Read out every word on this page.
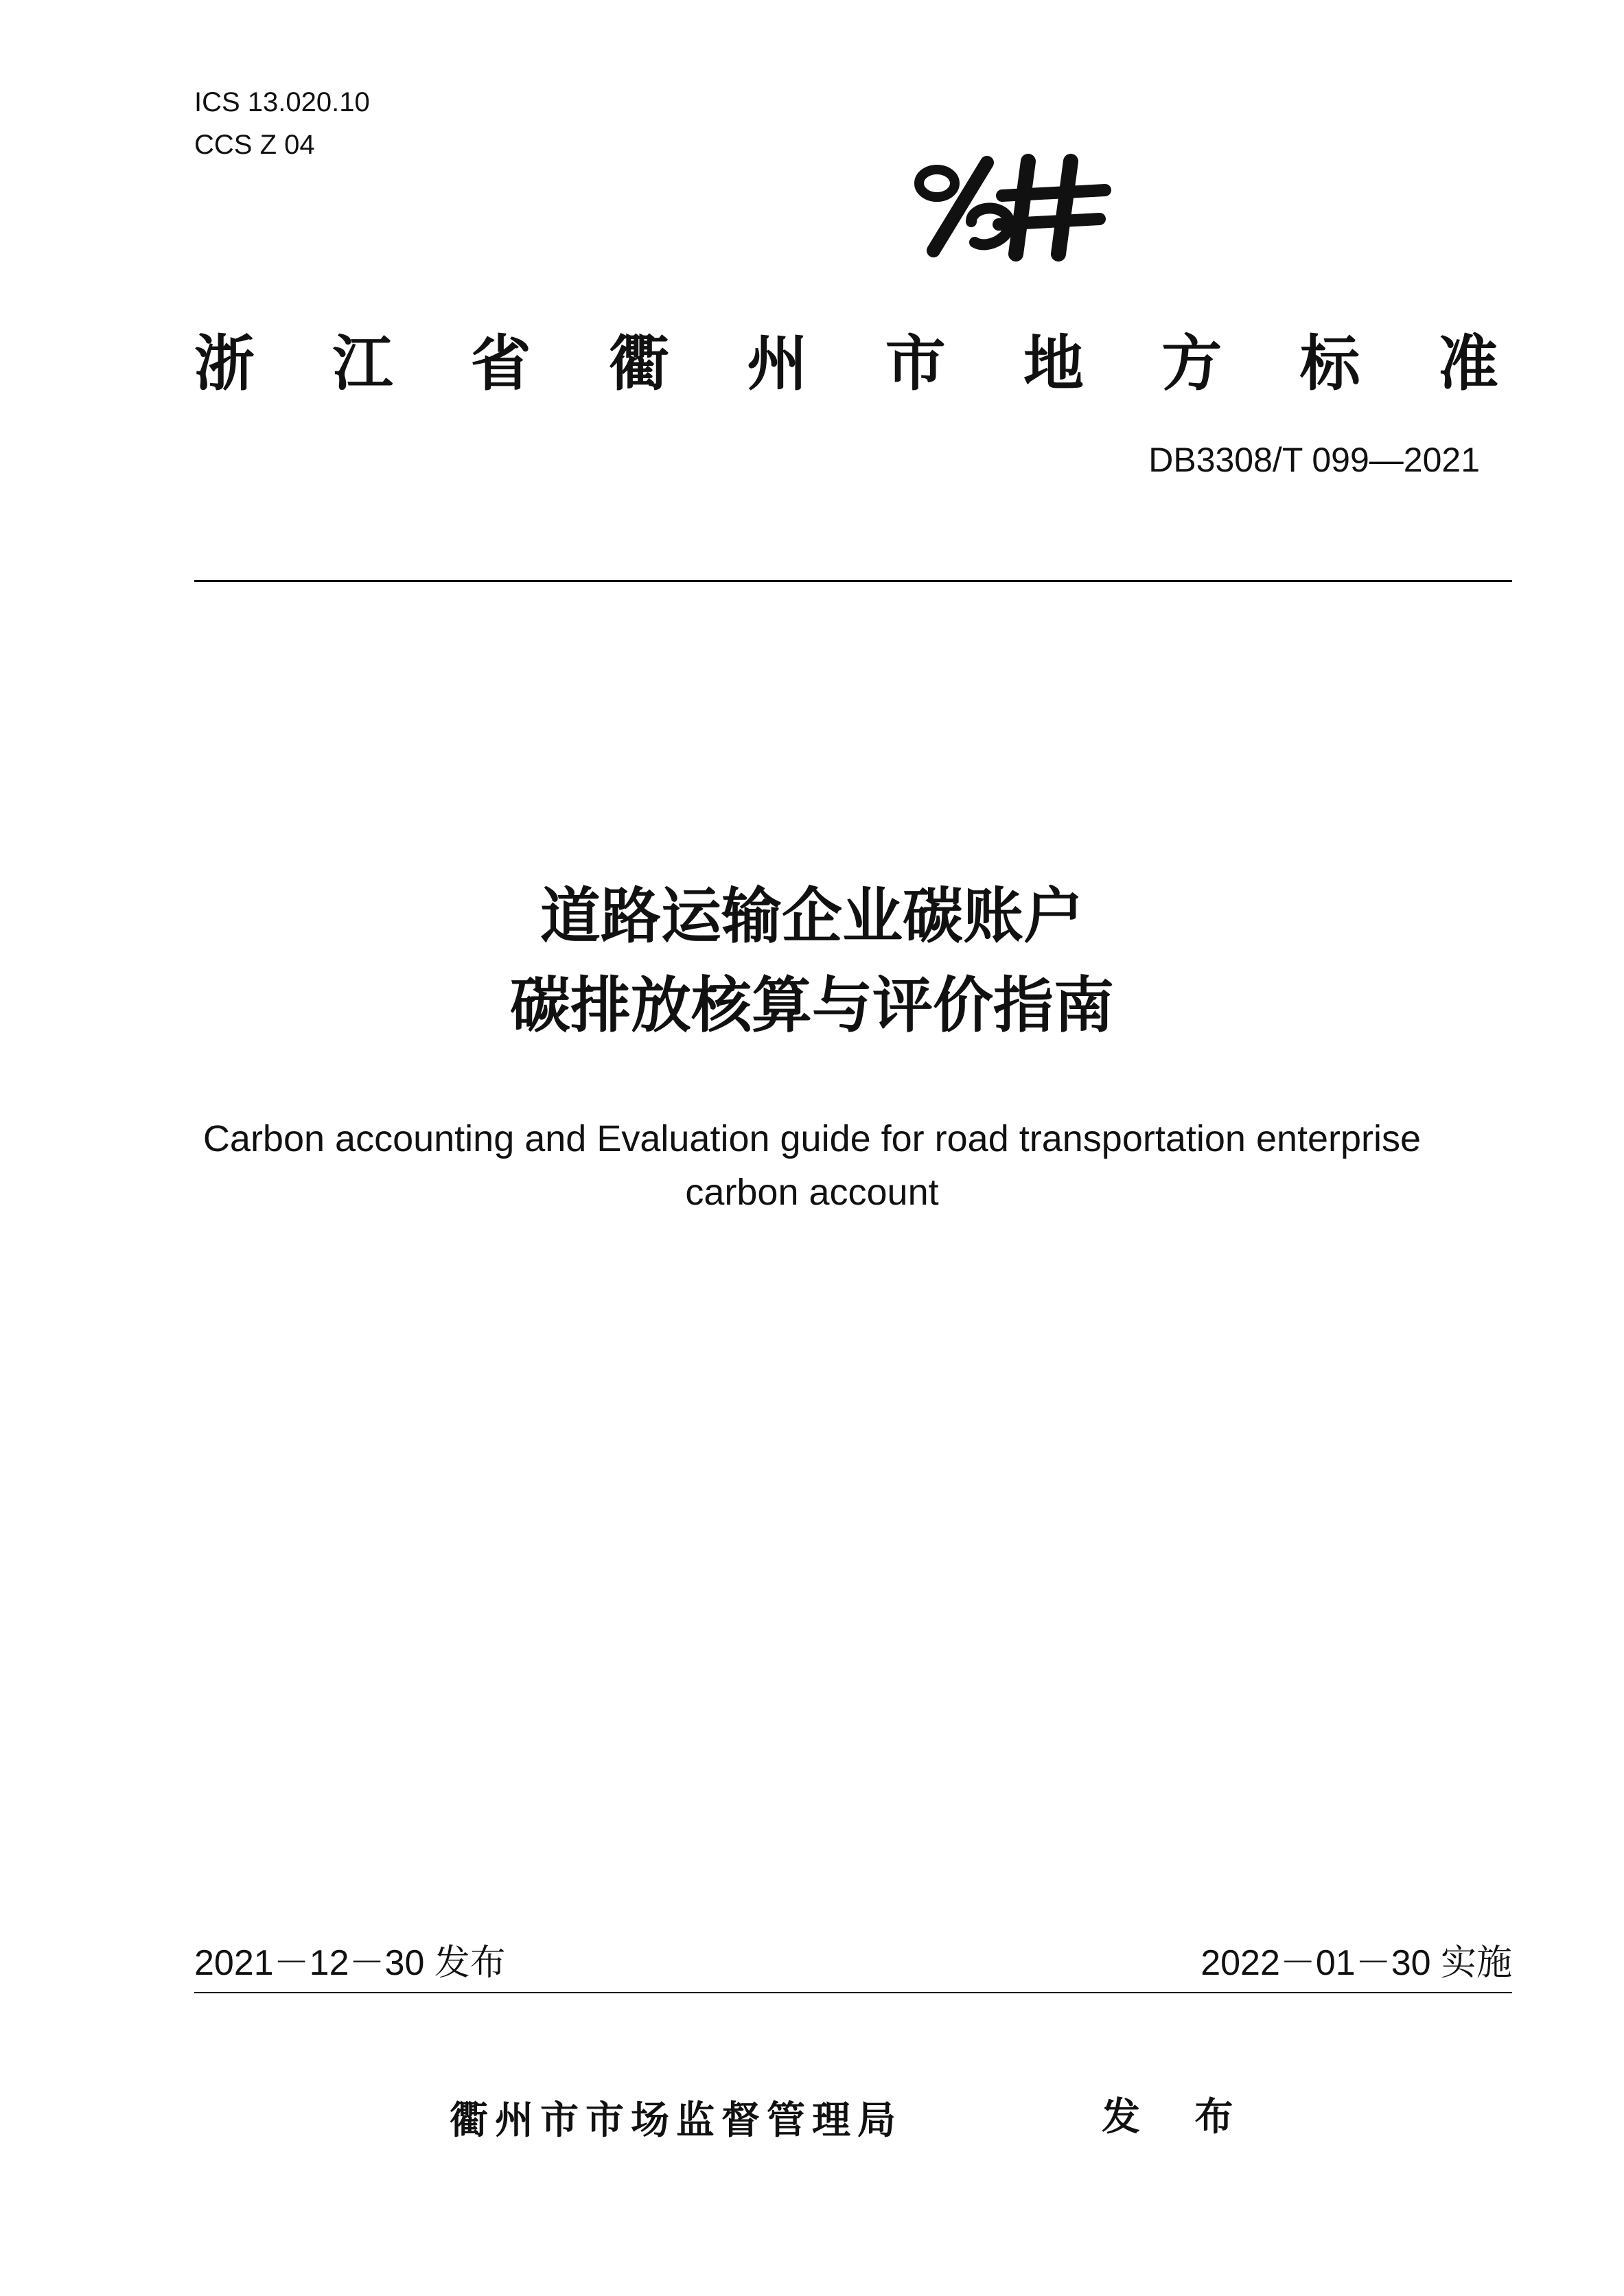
ICS 13.020.10
CCS Z 04
浙 江 省 衢 州 市 地 方 标 准
DB3308/T 099—2021
道路运输企业碳账户
碳排放核算与评价指南
Carbon accounting and Evaluation guide for road transportation enterprise
carbon account
2021－12－30 发布	2022－01－30 实施
衢州市市场监督管理局	发 布
